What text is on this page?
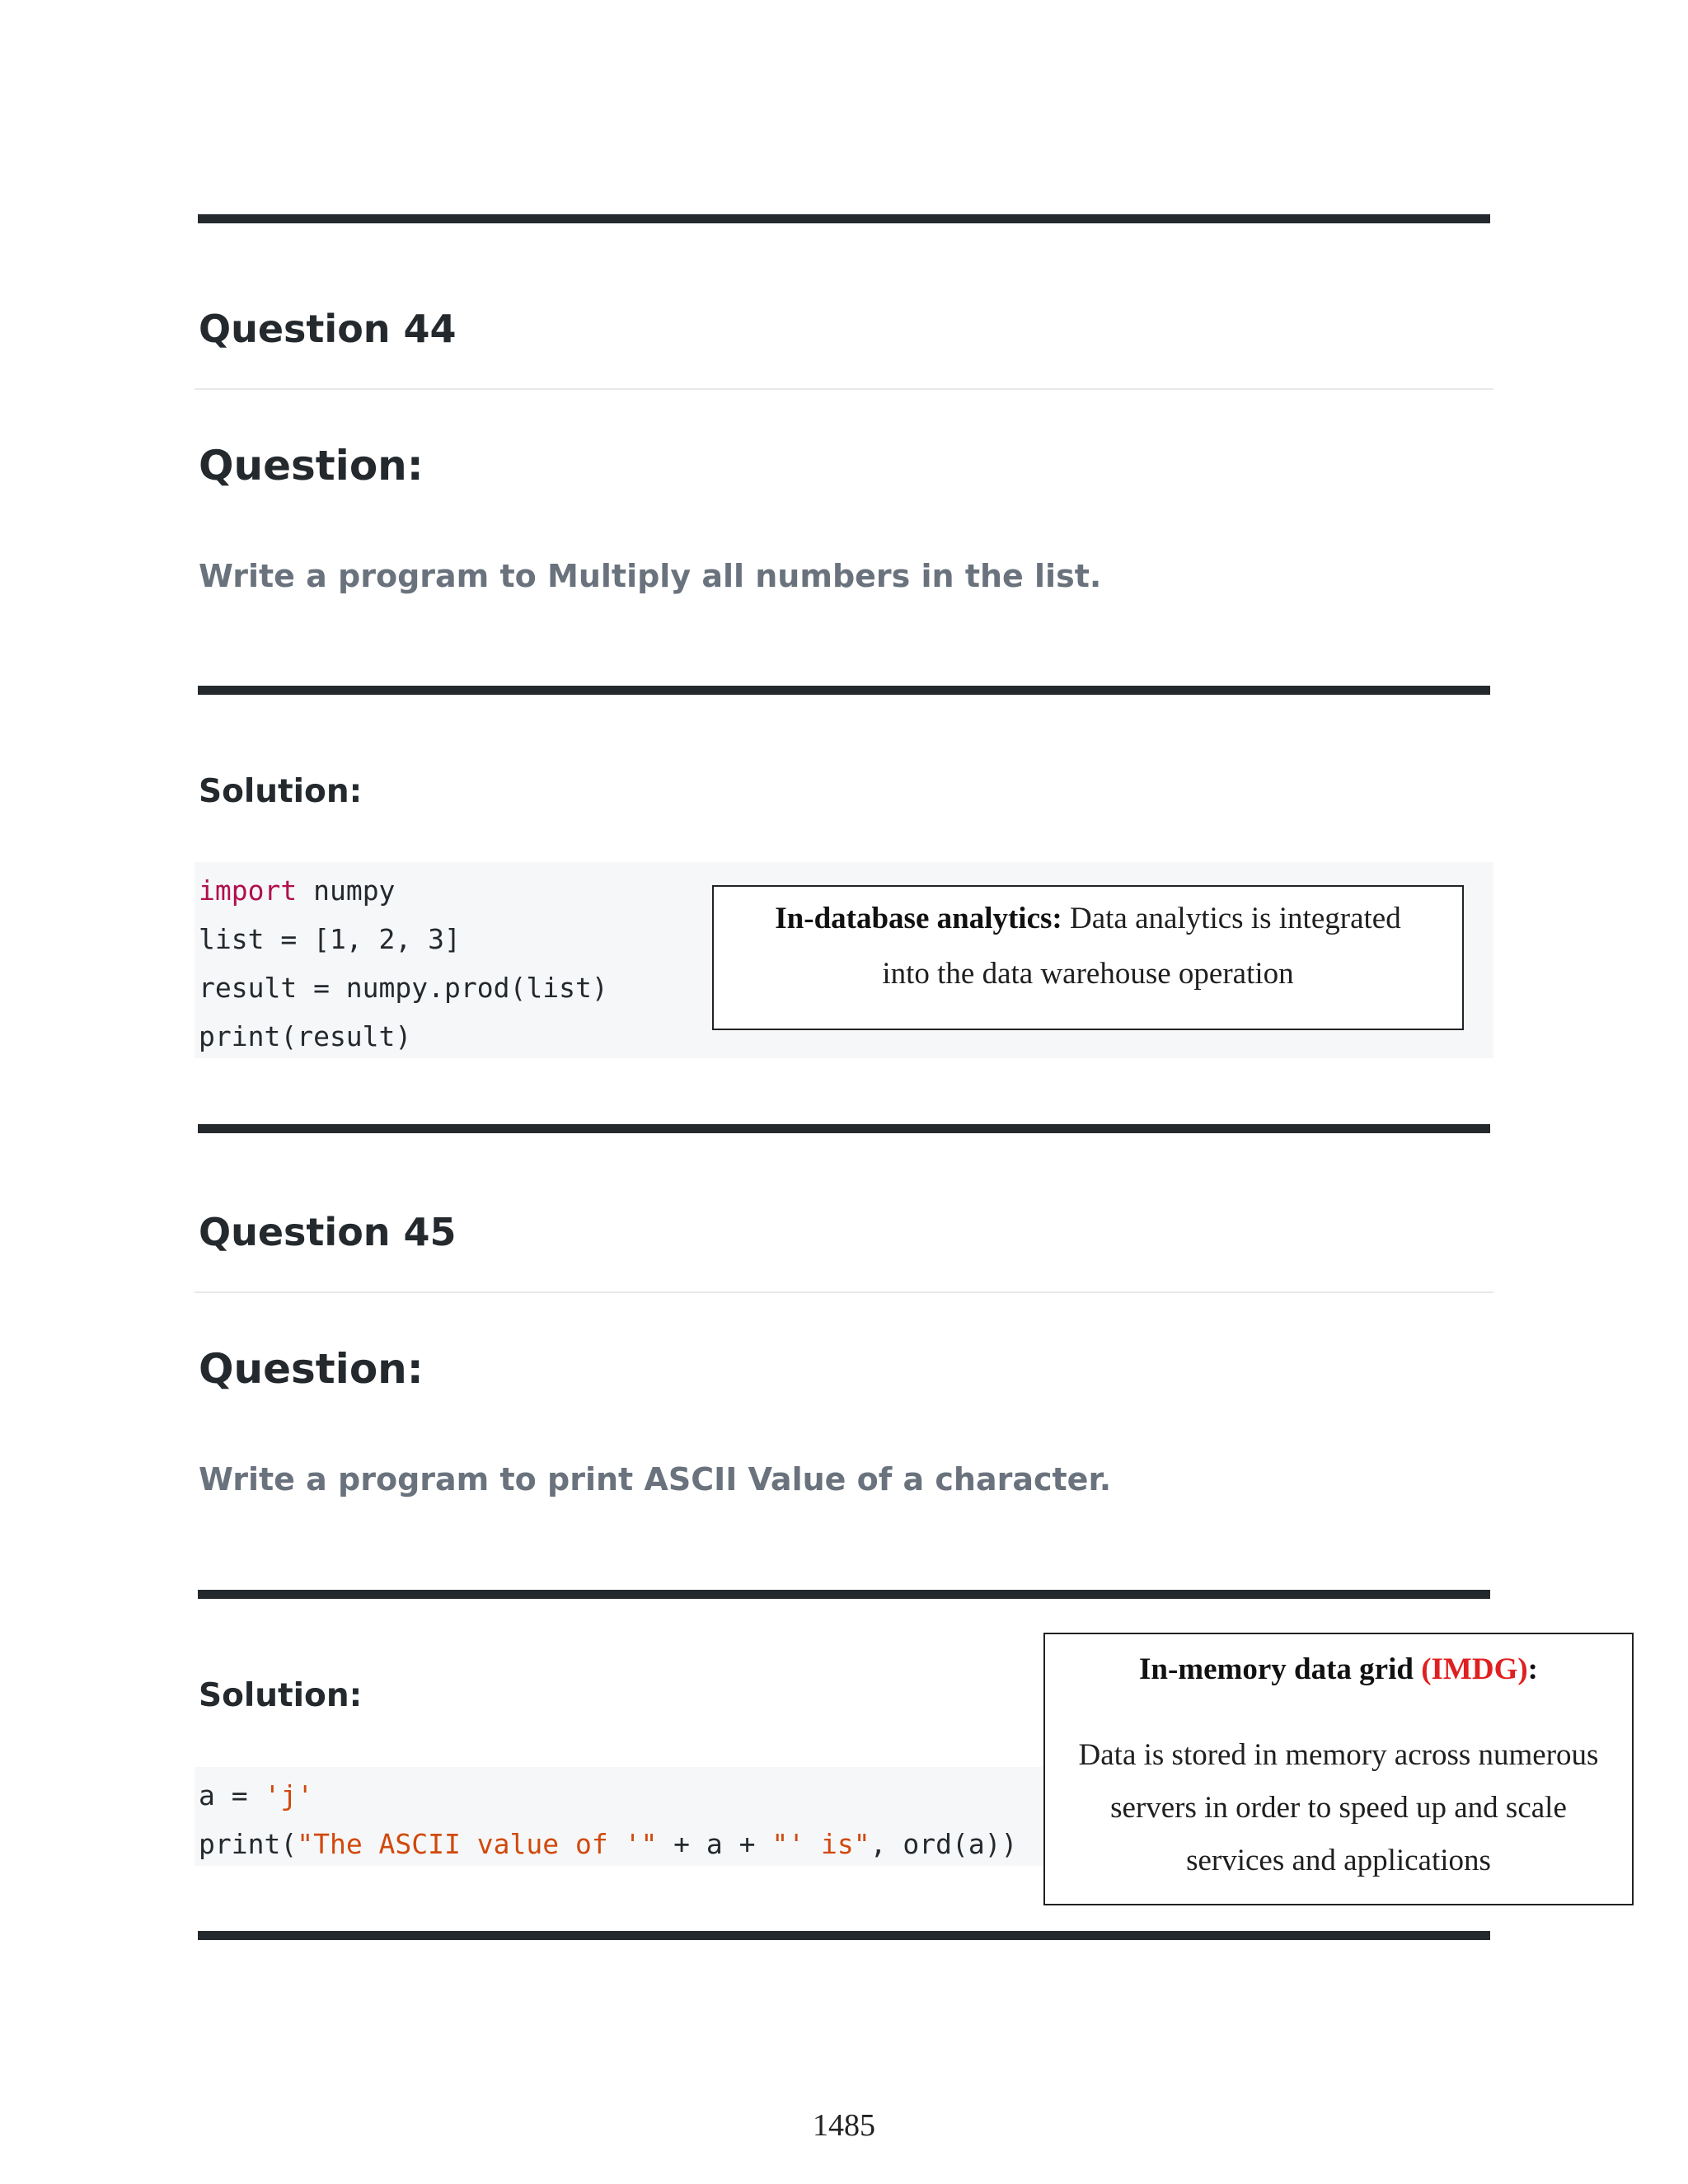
Question 44
Question:

Write a program to Multiply all numbers in the list.

Solution:
import numpy
list = [1, 2, 3]
result = numpy.prod(list)
print(result)
In-database analytics: Data analytics is integrated
into the data warehouse operation
Question 45
Question:

Write a program to print ASCII Value of a character.

Solution:
a = 'j'
print("The ASCII value of '" + a + "' is", ord(a))
In-memory data grid (IMDG):
Data is stored in memory across numerous
servers in order to speed up and scale
services and applications
1485
